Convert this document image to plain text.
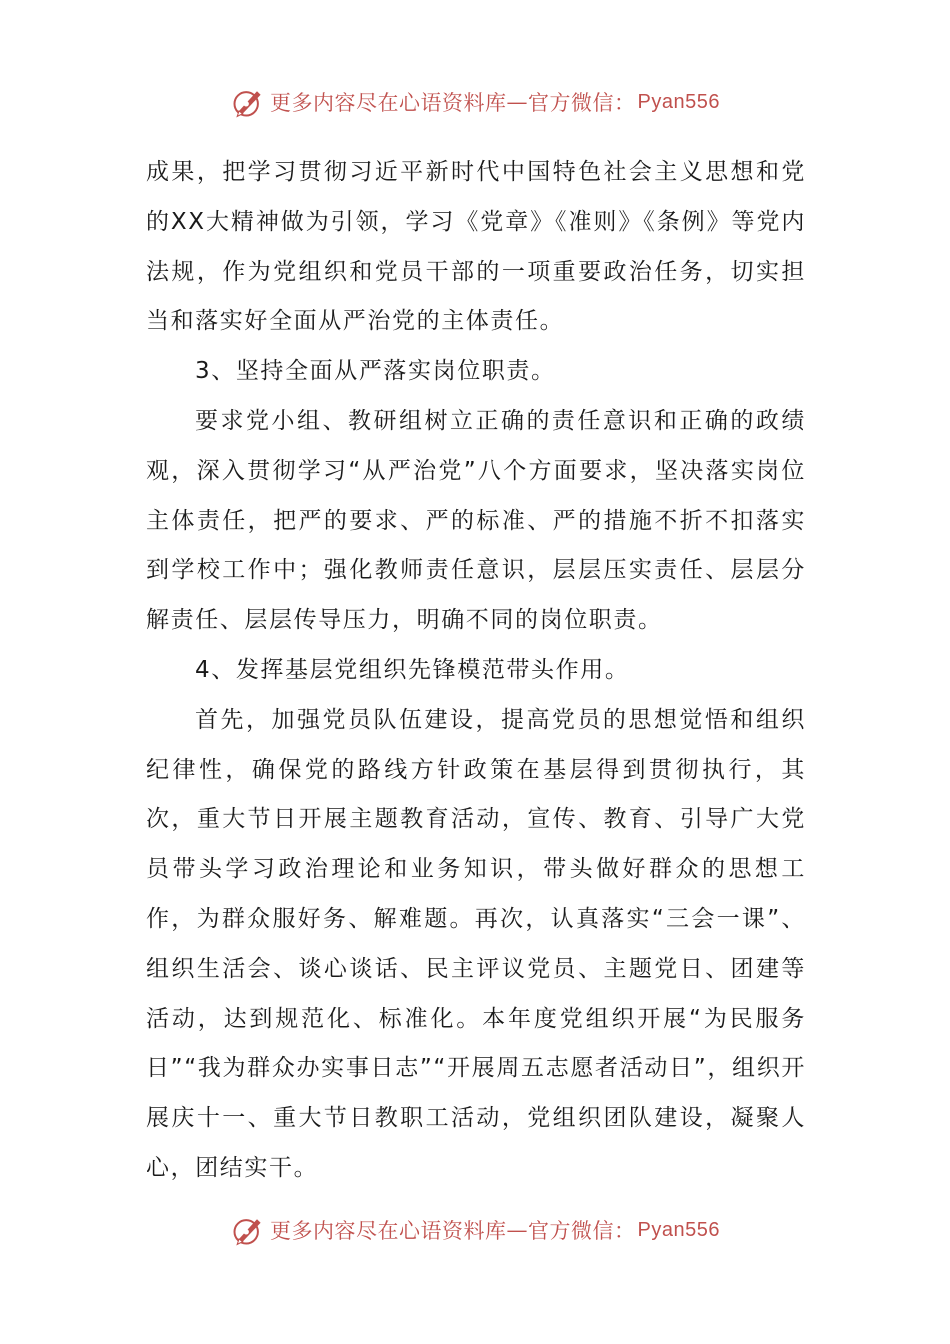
更多内容尽在心语资料库 — 官方微信： Pyan556

成果，把学习贯彻习近平新时代中国特色社会主义思想和党的XX大精神做为引领，学习《党章》《准则》《条例》等党内法规，作为党组织和党员干部的一项重要政治任务，切实担当和落实好全面从严治党的主体责任。

3、坚持全面从严落实岗位职责。

要求党小组、教研组树立正确的责任意识和正确的政绩观，深入贯彻学习“从严治党”八个方面要求，坚决落实岗位主体责任，把严的要求、严的标准、严的措施不折不扣落实到学校工作中；强化教师责任意识，层层压实责任、层层分解责任、层层传导压力，明确不同的岗位职责。

4、发挥基层党组织先锋模范带头作用。

首先，加强党员队伍建设，提高党员的思想觉悟和组织纪律性，确保党的路线方针政策在基层得到贯彻执行，其次，重大节日开展主题教育活动，宣传、教育、引导广大党员带头学习政治理论和业务知识，带头做好群众的思想工作，为群众服好务、解难题。再次，认真落实“三会一课”、组织生活会、谈心谈话、民主评议党员、主题党日、团建等活动，达到规范化、标准化。本年度党组织开展“为民服务日”“我为群众办实事日志”“开展周五志愿者活动日”，组织开展庆十一、重大节日教职工活动，党组织团队建设，凝聚人心，团结实干。

更多内容尽在心语资料库 — 官方微信： Pyan556
